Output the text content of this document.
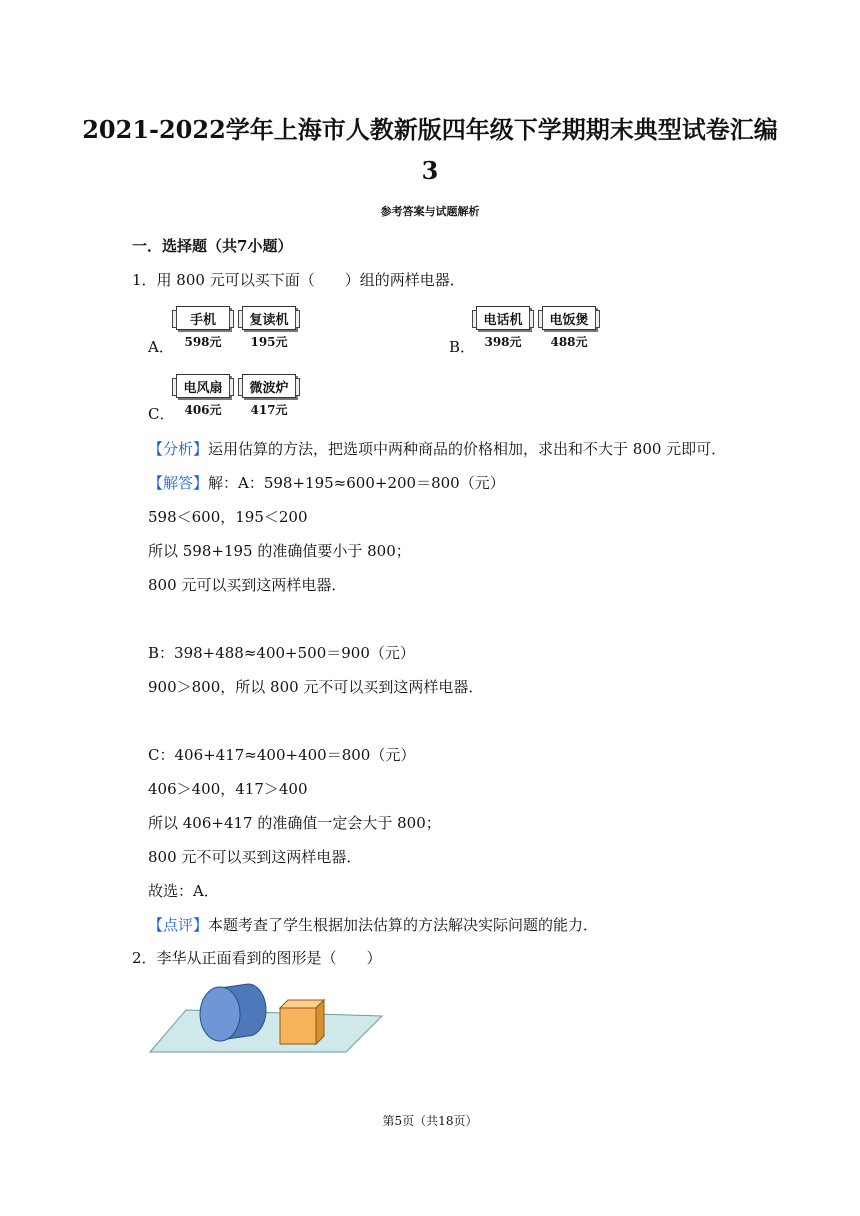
2021-2022学年上海市人教新版四年级下学期期末典型试卷汇编
3
参考答案与试题解析
一．选择题（共7小题）
1．用 800 元可以买下面（　　）组的两样电器．
A．
手机
598元
复读机
195元	B．
电话机
398元
电饭煲
488元
C．
电风扇
406元
微波炉
417元
【分析】运用估算的方法，把选项中两种商品的价格相加，求出和不大于 800 元即可．
【解答】解：A：598+195≈600+200＝800（元）
598＜600，195＜200
所以 598+195 的准确值要小于 800；
800 元可以买到这两样电器．
B：398+488≈400+500＝900（元）
900＞800，所以 800 元不可以买到这两样电器．
C：406+417≈400+400＝800（元）
406＞400，417＞400
所以 406+417 的准确值一定会大于 800；
800 元不可以买到这两样电器．
故选：A．
【点评】本题考查了学生根据加法估算的方法解决实际问题的能力．
2．李华从正面看到的图形是（　　）
第5页（共18页）
